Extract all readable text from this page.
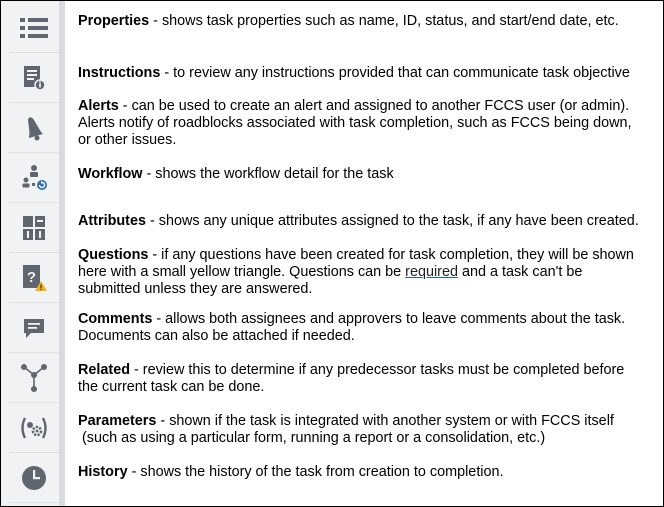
?
Properties - shows task properties such as name, ID, status, and start/end date, etc.
Instructions - to review any instructions provided that can communicate task objective
Alerts - can be used to create an alert and assigned to another FCCS user (or admin).
Alerts notify of roadblocks associated with task completion, such as FCCS being down,
or other issues.
Workflow - shows the workflow detail for the task
Attributes - shows any unique attributes assigned to the task, if any have been created.
Questions - if any questions have been created for task completion, they will be shown
here with a small yellow triangle. Questions can be required and a task can't be
submitted unless they are answered.
Comments - allows both assignees and approvers to leave comments about the task.
Documents can also be attached if needed.
Related - review this to determine if any predecessor tasks must be completed before
the current task can be done.
Parameters - shown if the task is integrated with another system or with FCCS itself
(such as using a particular form, running a report or a consolidation, etc.)
History - shows the history of the task from creation to completion.
